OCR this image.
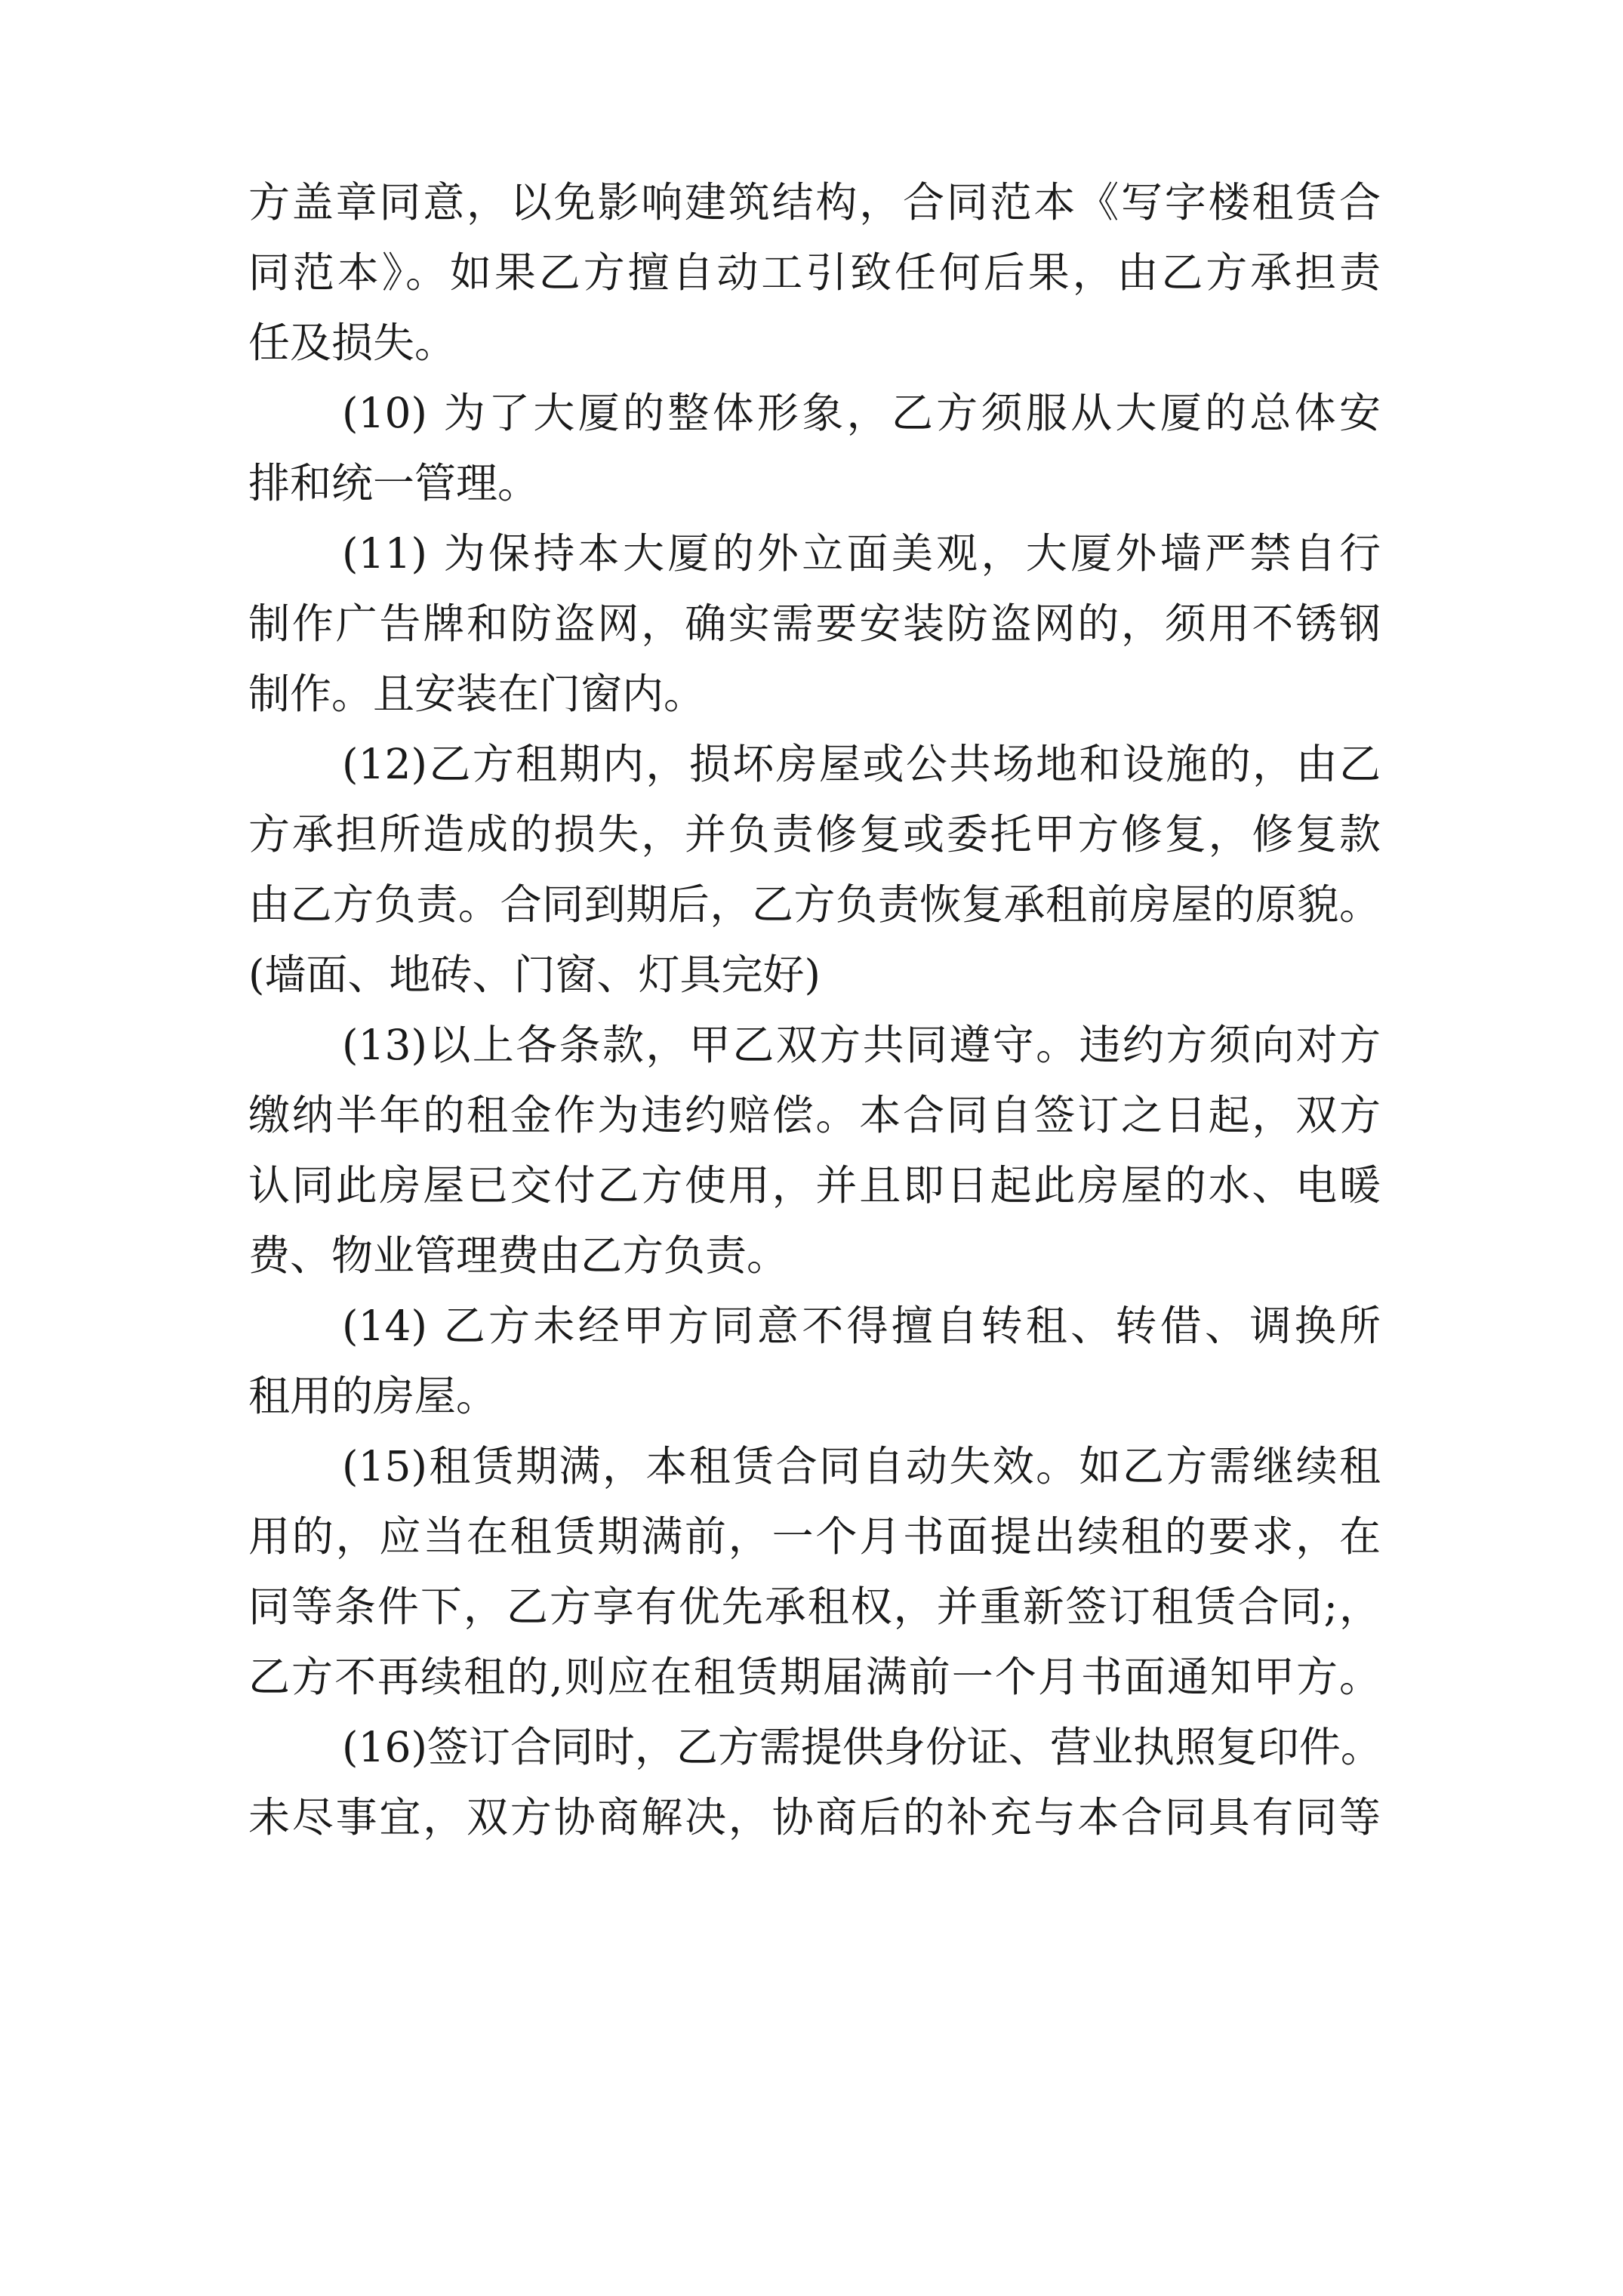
方盖章同意，以免影响建筑结构，合同范本《写字楼租赁合
同范本》。如果乙方擅自动工引致任何后果，由乙方承担责
任及损失。
(10) 为了大厦的整体形象，乙方须服从大厦的总体安
排和统一管理。
(11) 为保持本大厦的外立面美观，大厦外墙严禁自行
制作广告牌和防盗网，确实需要安装防盗网的，须用不锈钢
制作。且安装在门窗内。
(12)乙方租期内，损坏房屋或公共场地和设施的，由乙
方承担所造成的损失，并负责修复或委托甲方修复，修复款
由乙方负责。合同到期后，乙方负责恢复承租前房屋的原貌。
(墙面、地砖、门窗、灯具完好)
(13)以上各条款，甲乙双方共同遵守。违约方须向对方
缴纳半年的租金作为违约赔偿。本合同自签订之日起，双方
认同此房屋已交付乙方使用，并且即日起此房屋的水、电暖
费、物业管理费由乙方负责。
(14) 乙方未经甲方同意不得擅自转租、转借、调换所
租用的房屋。
(15)租赁期满，本租赁合同自动失效。如乙方需继续租
用的，应当在租赁期满前，一个月书面提出续租的要求，在
同等条件下，乙方享有优先承租权，并重新签订租赁合同;，
乙方不再续租的,则应在租赁期届满前一个月书面通知甲方。
(16)签订合同时，乙方需提供身份证、营业执照复印件。
未尽事宜，双方协商解决，协商后的补充与本合同具有同等
